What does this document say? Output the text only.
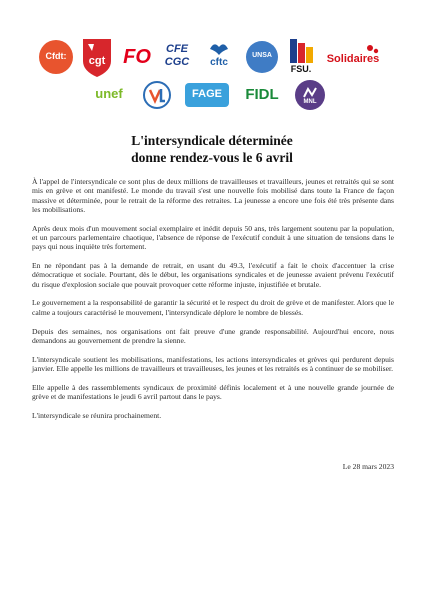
Cfdt:	cgt FO	CFE
CGC	cftc
UNSA
FSU.
Solidaires
unef	FAGE	FIDL	MNL
L'intersyndicale déterminée
donne rendez-vous le 6 avril

À l'appel de l'intersyndicale ce sont plus de deux millions de travailleuses et travailleurs, jeunes et retraités qui se sont mis en grève et ont manifesté. Le monde du travail s'est une nouvelle fois mobilisé dans toute la France de façon massive et déterminée, pour le retrait de la réforme des retraites. La jeunesse a encore une fois été très présente dans les mobilisations.

Après deux mois d'un mouvement social exemplaire et inédit depuis 50 ans, très largement soutenu par la population, et un parcours parlementaire chaotique, l'absence de réponse de l'exécutif conduit à une situation de tensions dans le pays qui nous inquiète très fortement.

En ne répondant pas à la demande de retrait, en usant du 49.3, l'exécutif a fait le choix d'accentuer la crise démocratique et sociale. Pourtant, dès le début, les organisations syndicales et de jeunesse avaient prévenu l'exécutif du risque d'explosion sociale que pouvait provoquer cette réforme injuste, injustifiée et brutale.

Le gouvernement a la responsabilité de garantir la sécurité et le respect du droit de grève et de manifester. Alors que le calme a toujours caractérisé le mouvement, l'intersyndicale déplore le nombre de blessés.

Depuis des semaines, nos organisations ont fait preuve d'une grande responsabilité. Aujourd'hui encore, nous demandons au gouvernement de prendre la sienne.

L'intersyndicale soutient les mobilisations, manifestations, les actions intersyndicales et grèves qui perdurent depuis janvier. Elle appelle les millions de travailleurs et travailleuses, les jeunes et les retraités es à continuer de se mobiliser.

Elle appelle à des rassemblements syndicaux de proximité définis localement et à une nouvelle grande journée de grève et de manifestations le jeudi 6 avril partout dans le pays.

L'intersyndicale se réunira prochainement.

Le 28 mars 2023
